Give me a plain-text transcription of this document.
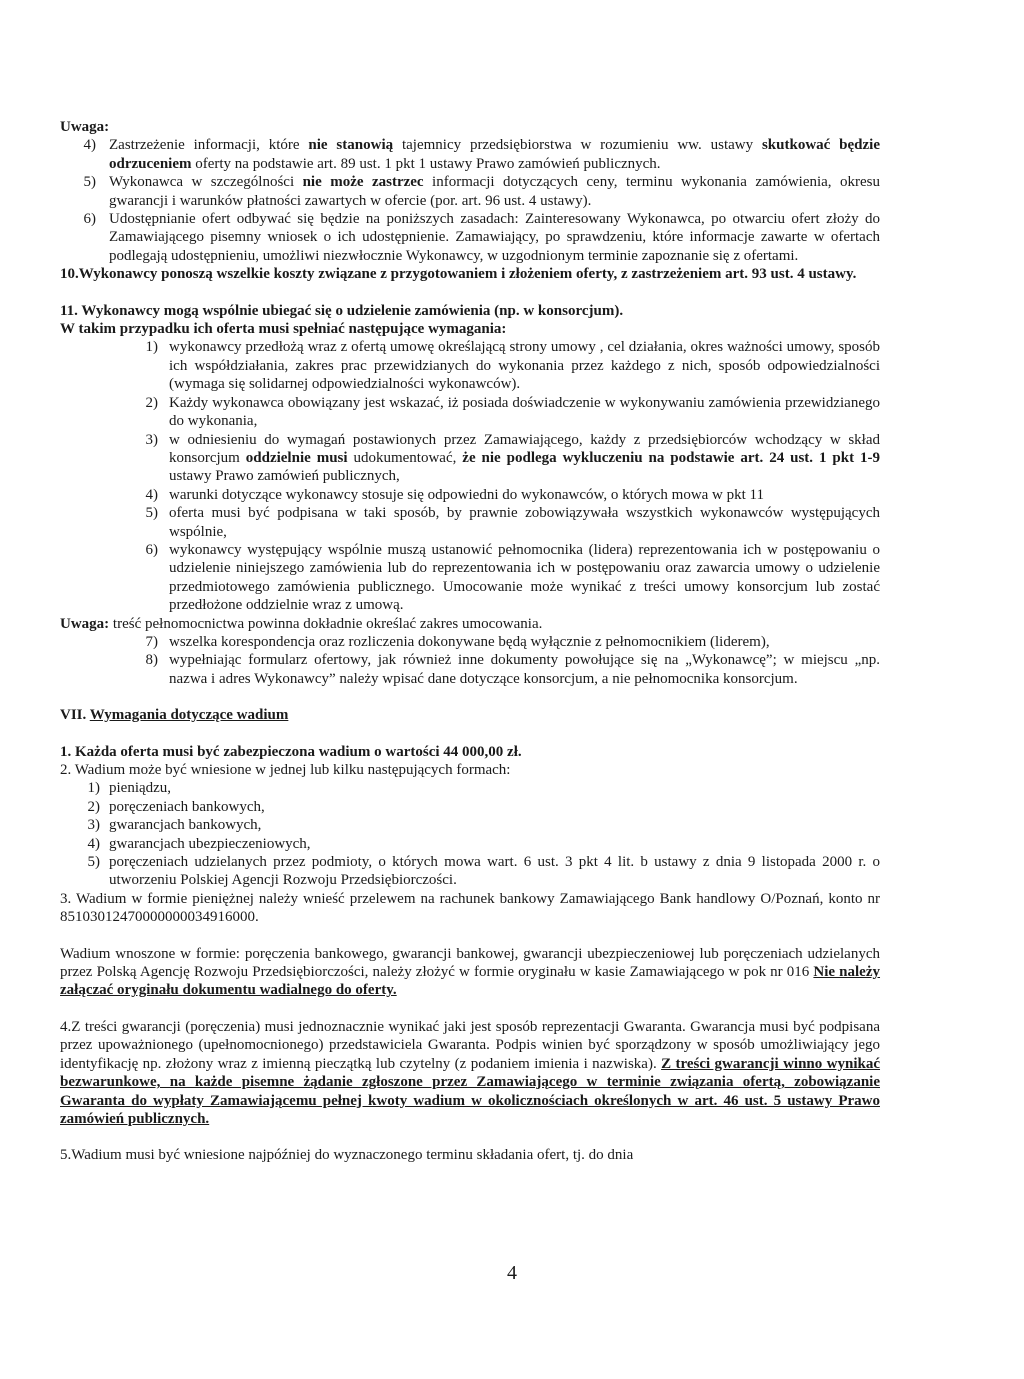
Uwaga:

4) Zastrzeżenie informacji, które nie stanowią tajemnicy przedsiębiorstwa w rozumieniu ww. ustawy skutkować będzie odrzuceniem oferty na podstawie art. 89 ust. 1 pkt 1 ustawy Prawo zamówień publicznych.
5) Wykonawca w szczególności nie może zastrzec informacji dotyczących ceny, terminu wykonania zamówienia, okresu gwarancji i warunków płatności zawartych w ofercie (por. art. 96 ust. 4 ustawy).
6) Udostępnianie ofert odbywać się będzie na poniższych zasadach: Zainteresowany Wykonawca, po otwarciu ofert złoży do Zamawiającego pisemny wniosek o ich udostępnienie. Zamawiający, po sprawdzeniu, które informacje zawarte w ofertach podlegają udostępnieniu, umożliwi niezwłocznie Wykonawcy, w uzgodnionym terminie zapoznanie się z ofertami.

10.Wykonawcy ponoszą wszelkie koszty związane z przygotowaniem i złożeniem oferty, z zastrzeżeniem art. 93 ust. 4 ustawy.

11. Wykonawcy mogą wspólnie ubiegać się o udzielenie zamówienia (np. w konsorcjum).

W takim przypadku ich oferta musi spełniać następujące wymagania:

1) wykonawcy przedłożą wraz z ofertą umowę określającą strony umowy , cel działania, okres ważności umowy, sposób ich współdziałania, zakres prac przewidzianych do wykonania przez każdego z nich, sposób odpowiedzialności (wymaga się solidarnej odpowiedzialności wykonawców).
2) Każdy wykonawca obowiązany jest wskazać, iż posiada doświadczenie w wykonywaniu zamówienia przewidzianego do wykonania,
3) w odniesieniu do wymagań postawionych przez Zamawiającego, każdy z przedsiębiorców wchodzący w skład konsorcjum oddzielnie musi udokumentować, że nie podlega wykluczeniu na podstawie art. 24 ust. 1 pkt 1-9 ustawy Prawo zamówień publicznych,
4) warunki dotyczące wykonawcy stosuje się odpowiedni do wykonawców, o których mowa w pkt 11
5) oferta musi być podpisana w taki sposób, by prawnie zobowiązywała wszystkich wykonawców występujących wspólnie,
6) wykonawcy występujący wspólnie muszą ustanowić pełnomocnika (lidera) reprezentowania ich w postępowaniu o udzielenie niniejszego zamówienia lub do reprezentowania ich w postępowaniu oraz zawarcia umowy o udzielenie przedmiotowego zamówienia publicznego. Umocowanie może wynikać z treści umowy konsorcjum lub zostać przedłożone oddzielnie wraz z umową.

Uwaga: treść pełnomocnictwa powinna dokładnie określać zakres umocowania.

7) wszelka korespondencja oraz rozliczenia dokonywane będą wyłącznie z pełnomocnikiem (liderem),
8) wypełniając formularz ofertowy, jak również inne dokumenty powołujące się na „Wykonawcę”; w miejscu „np. nazwa i adres Wykonawcy” należy wpisać dane dotyczące konsorcjum, a nie pełnomocnika konsorcjum.

VII. Wymagania dotyczące wadium

1. Każda oferta musi być zabezpieczona wadium o wartości 44 000,00 zł.

2. Wadium może być wniesione w jednej lub kilku następujących formach:

1) pieniądzu,
2) poręczeniach bankowych,
3) gwarancjach bankowych,
4) gwarancjach ubezpieczeniowych,
5) poręczeniach udzielanych przez podmioty, o których mowa wart. 6 ust. 3 pkt 4 lit. b ustawy z dnia 9 listopada 2000 r. o utworzeniu Polskiej Agencji Rozwoju Przedsiębiorczości.

3. Wadium w formie pieniężnej należy wnieść przelewem na rachunek bankowy Zamawiającego Bank handlowy O/Poznań, konto nr 85103012470000000034916000.

Wadium wnoszone w formie: poręczenia bankowego, gwarancji bankowej, gwarancji ubezpieczeniowej lub poręczeniach udzielanych przez Polską Agencję Rozwoju Przedsiębiorczości, należy złożyć w formie oryginału w kasie Zamawiającego w pok nr 016 Nie należy załączać oryginału dokumentu wadialnego do oferty.

4.Z treści gwarancji (poręczenia) musi jednoznacznie wynikać jaki jest sposób reprezentacji Gwaranta. Gwarancja musi być podpisana przez upoważnionego (upełnomocnionego) przedstawiciela Gwaranta. Podpis winien być sporządzony w sposób umożliwiający jego identyfikację np. złożony wraz z imienną pieczątką lub czytelny (z podaniem imienia i nazwiska). Z treści gwarancji winno wynikać bezwarunkowe, na każde pisemne żądanie zgłoszone przez Zamawiającego w terminie związania ofertą, zobowiązanie Gwaranta do wypłaty Zamawiającemu pełnej kwoty wadium w okolicznościach określonych w art. 46 ust. 5 ustawy Prawo zamówień publicznych.

5.Wadium musi być wniesione najpóźniej do wyznaczonego terminu składania ofert, tj. do dnia

4
